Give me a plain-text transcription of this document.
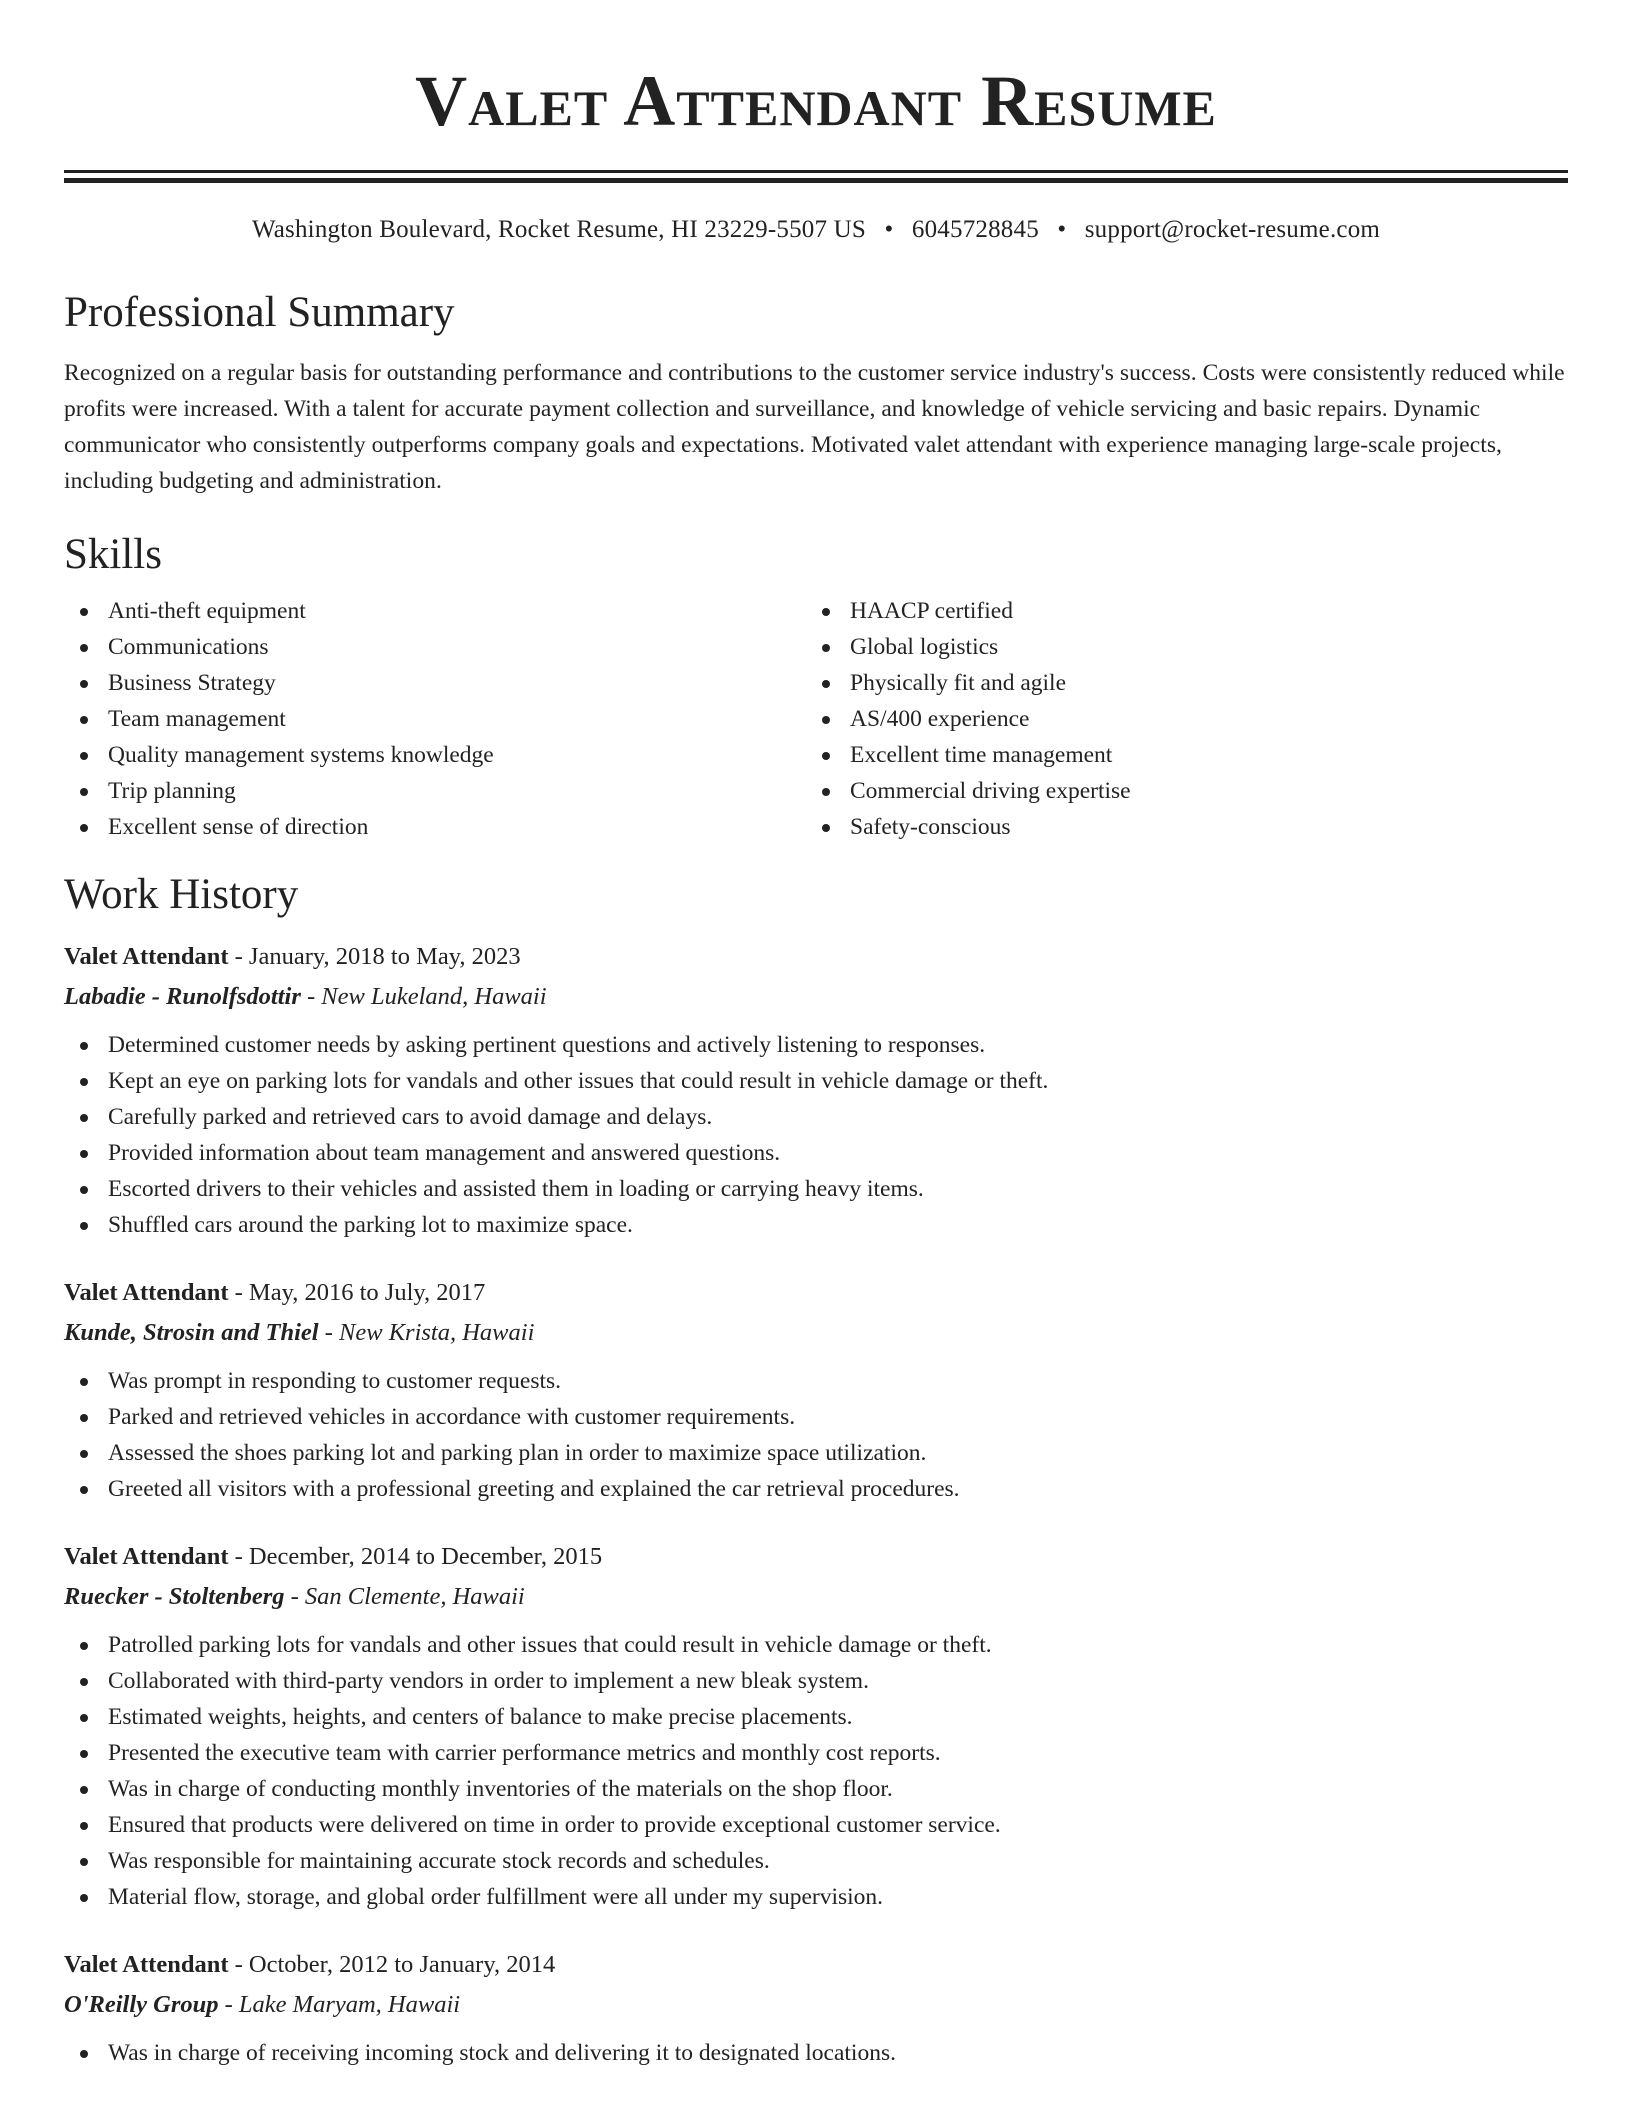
Valet Attendant Resume
Washington Boulevard, Rocket Resume, HI 23229-5507 US • 6045728845 • support@rocket-resume.com
Professional Summary

Recognized on a regular basis for outstanding performance and contributions to the customer service industry's success. Costs were consistently reduced while profits were increased. With a talent for accurate payment collection and surveillance, and knowledge of vehicle servicing and basic repairs. Dynamic communicator who consistently outperforms company goals and expectations. Motivated valet attendant with experience managing large-scale projects, including budgeting and administration.

Skills
Anti-theft equipment
Communications
Business Strategy
Team management
Quality management systems knowledge
Trip planning
Excellent sense of direction
HAACP certified
Global logistics
Physically fit and agile
AS/400 experience
Excellent time management
Commercial driving expertise
Safety-conscious
Work History
Valet Attendant - January, 2018 to May, 2023
Labadie - Runolfsdottir - New Lukeland, Hawaii
Determined customer needs by asking pertinent questions and actively listening to responses.
Kept an eye on parking lots for vandals and other issues that could result in vehicle damage or theft.
Carefully parked and retrieved cars to avoid damage and delays.
Provided information about team management and answered questions.
Escorted drivers to their vehicles and assisted them in loading or carrying heavy items.
Shuffled cars around the parking lot to maximize space.
Valet Attendant - May, 2016 to July, 2017
Kunde, Strosin and Thiel - New Krista, Hawaii
Was prompt in responding to customer requests.
Parked and retrieved vehicles in accordance with customer requirements.
Assessed the shoes parking lot and parking plan in order to maximize space utilization.
Greeted all visitors with a professional greeting and explained the car retrieval procedures.
Valet Attendant - December, 2014 to December, 2015
Ruecker - Stoltenberg - San Clemente, Hawaii
Patrolled parking lots for vandals and other issues that could result in vehicle damage or theft.
Collaborated with third-party vendors in order to implement a new bleak system.
Estimated weights, heights, and centers of balance to make precise placements.
Presented the executive team with carrier performance metrics and monthly cost reports.
Was in charge of conducting monthly inventories of the materials on the shop floor.
Ensured that products were delivered on time in order to provide exceptional customer service.
Was responsible for maintaining accurate stock records and schedules.
Material flow, storage, and global order fulfillment were all under my supervision.
Valet Attendant - October, 2012 to January, 2014
O'Reilly Group - Lake Maryam, Hawaii
Was in charge of receiving incoming stock and delivering it to designated locations.
